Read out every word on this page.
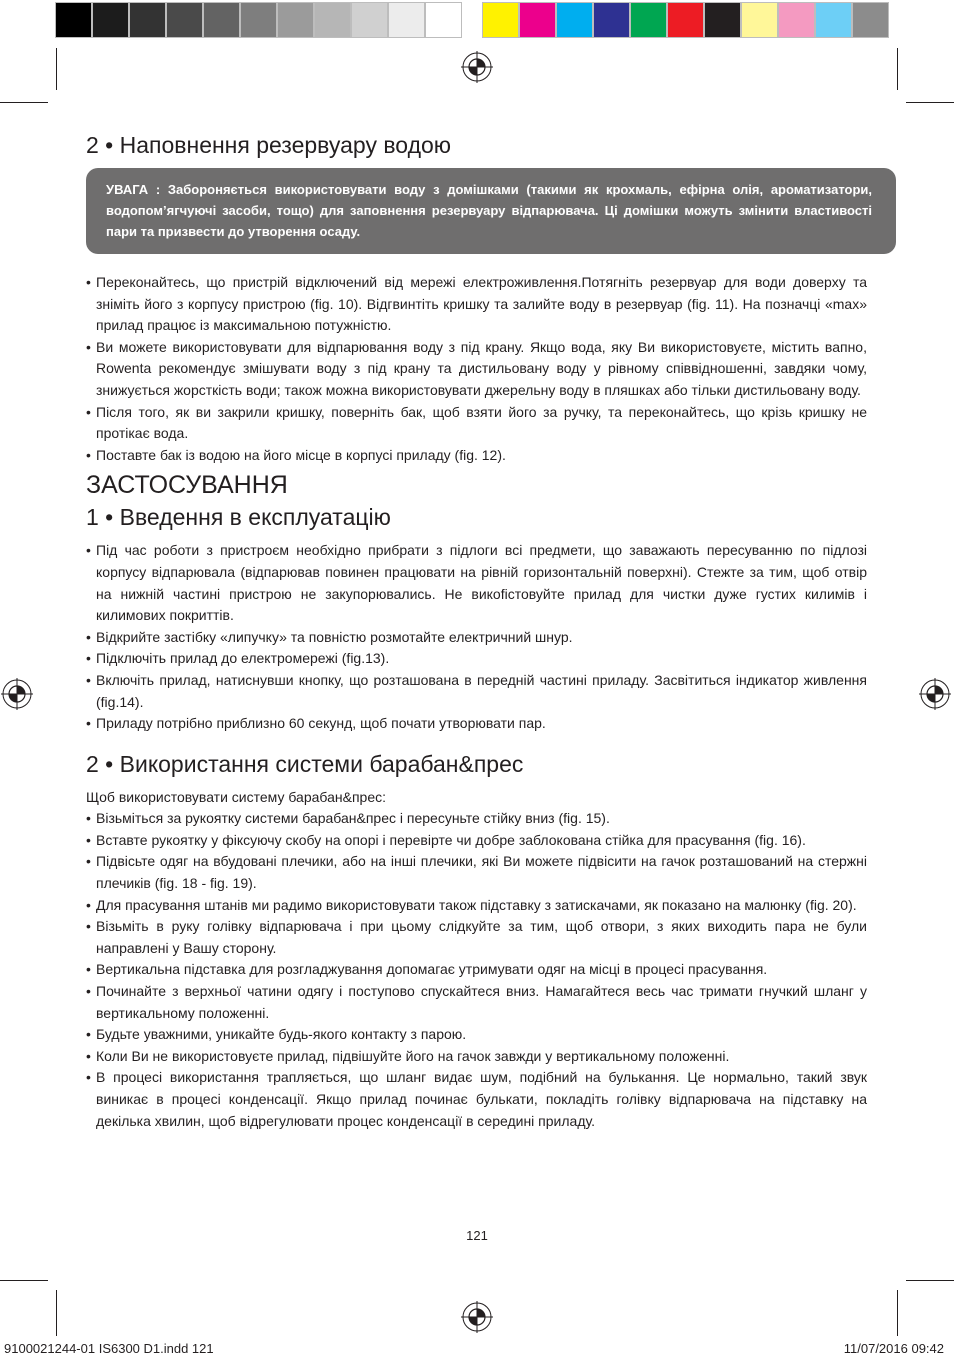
2 • Наповнення резервуару водою
УВАГА : Забороняється використовувати воду з домішками (такими як крохмаль, ефірна олія, ароматизатори, водопом’ягчуючі засоби, тощо) для заповнення резервуару відпарювача. Ці домішки можуть змінити властивості пари та призвести до утворення осаду.
• Переконайтесь, що пристрій відключений від мережі електроживлення.Потягніть резервуар для води доверху та зніміть його з корпусу пристрою (fig. 10). Відгвинтіть кришку та залийте воду в резервуар (fig. 11). На позначці «max» прилад працює із максимальною потужністю.
• Ви можете використовувати для відпарювання воду з під крану. Якщо вода, яку Ви використовуєте, містить вапно, Rowenta рекомендує змішувати воду з під крану та дистильовану воду у рівному співвідношенні, завдяки чому, знижується жорсткість води; також можна використовувати джерельну воду в пляшках або тільки дистильовану воду.
• Після того, як ви закрили кришку, поверніть бак, щоб взяти його за ручку, та переконайтесь, що крізь кришку не протікає вода.
• Поставте бак із водою на його місце в корпусі приладу (fig. 12).
ЗАСТОСУВАННЯ
1 • Введення в експлуатацію
• Під час роботи з пристроєм необхідно прибрати з підлоги всі предмети, що заважають пересуванню по підлозі корпусу відпарювала (відпарював повинен працювати на рівній горизонтальній поверхні). Стежте за тим, щоб отвір на нижній частині пристрою не закупорювались. Не викоfiстовуйте прилад для чистки дуже густих килимів і килимових покриттів.
• Відкрийте застібку «липучку» та повністю розмотайте електричний шнур.
• Підключіть прилад до електромережі (fig.13).
• Включіть прилад, натиснувши кнопку, що розташована в передній частині приладу. Засвітиться індикатор живлення (fig.14).
• Приладу потрібно приблизно 60 секунд, щоб почати утворювати пар.
2 • Використання системи барабан&прес

Щоб використовувати систему барабан&прес:

• Візьміться за рукоятку системи барабан&прес і пересуньте стійку вниз (fig. 15).
• Вставте рукоятку у фіксуючу скобу на опорі і перевірте чи добре заблокована стійка для прасування (fig. 16).
• Підвісьте одяг на вбудовані плечики, або на інші плечики, які Ви можете підвісити на гачок розташований на стержні плечиків (fig. 18 - fig. 19).
• Для прасування штанів ми радимо використовувати також підставку з затискачами, як показано на малюнку (fig. 20).
• Візьміть в руку голівку відпарювача і при цьому слідкуйте за тим, щоб отвори, з яких виходить пара не були направлені у Вашу сторону.
• Вертикальна підставка для розгладжування допомагає утримувати одяг на місці в процесі прасування.
• Починайте з верхньої чатини одягу і поступово спускайтеся вниз. Намагайтеся весь час тримати гнучкий шланг у вертикальному положенні.
• Будьте уважними, уникайте будь-якого контакту з парою.
• Коли Ви не використовуєте прилад, підвішуйте його на гачок завжди у вертикальному положенні.
• В процесі використання трапляється, що шланг видає шум, подібний на булькання. Це нормально, такий звук виникає в процесі конденсації. Якщо прилад починає булькати, покладіть голівку відпарювача на підставку на декілька хвилин, щоб відрегулювати процес конденсації в середині приладу.
121
9100021244-01 IS6300 D1.indd 121	11/07/2016 09:42
